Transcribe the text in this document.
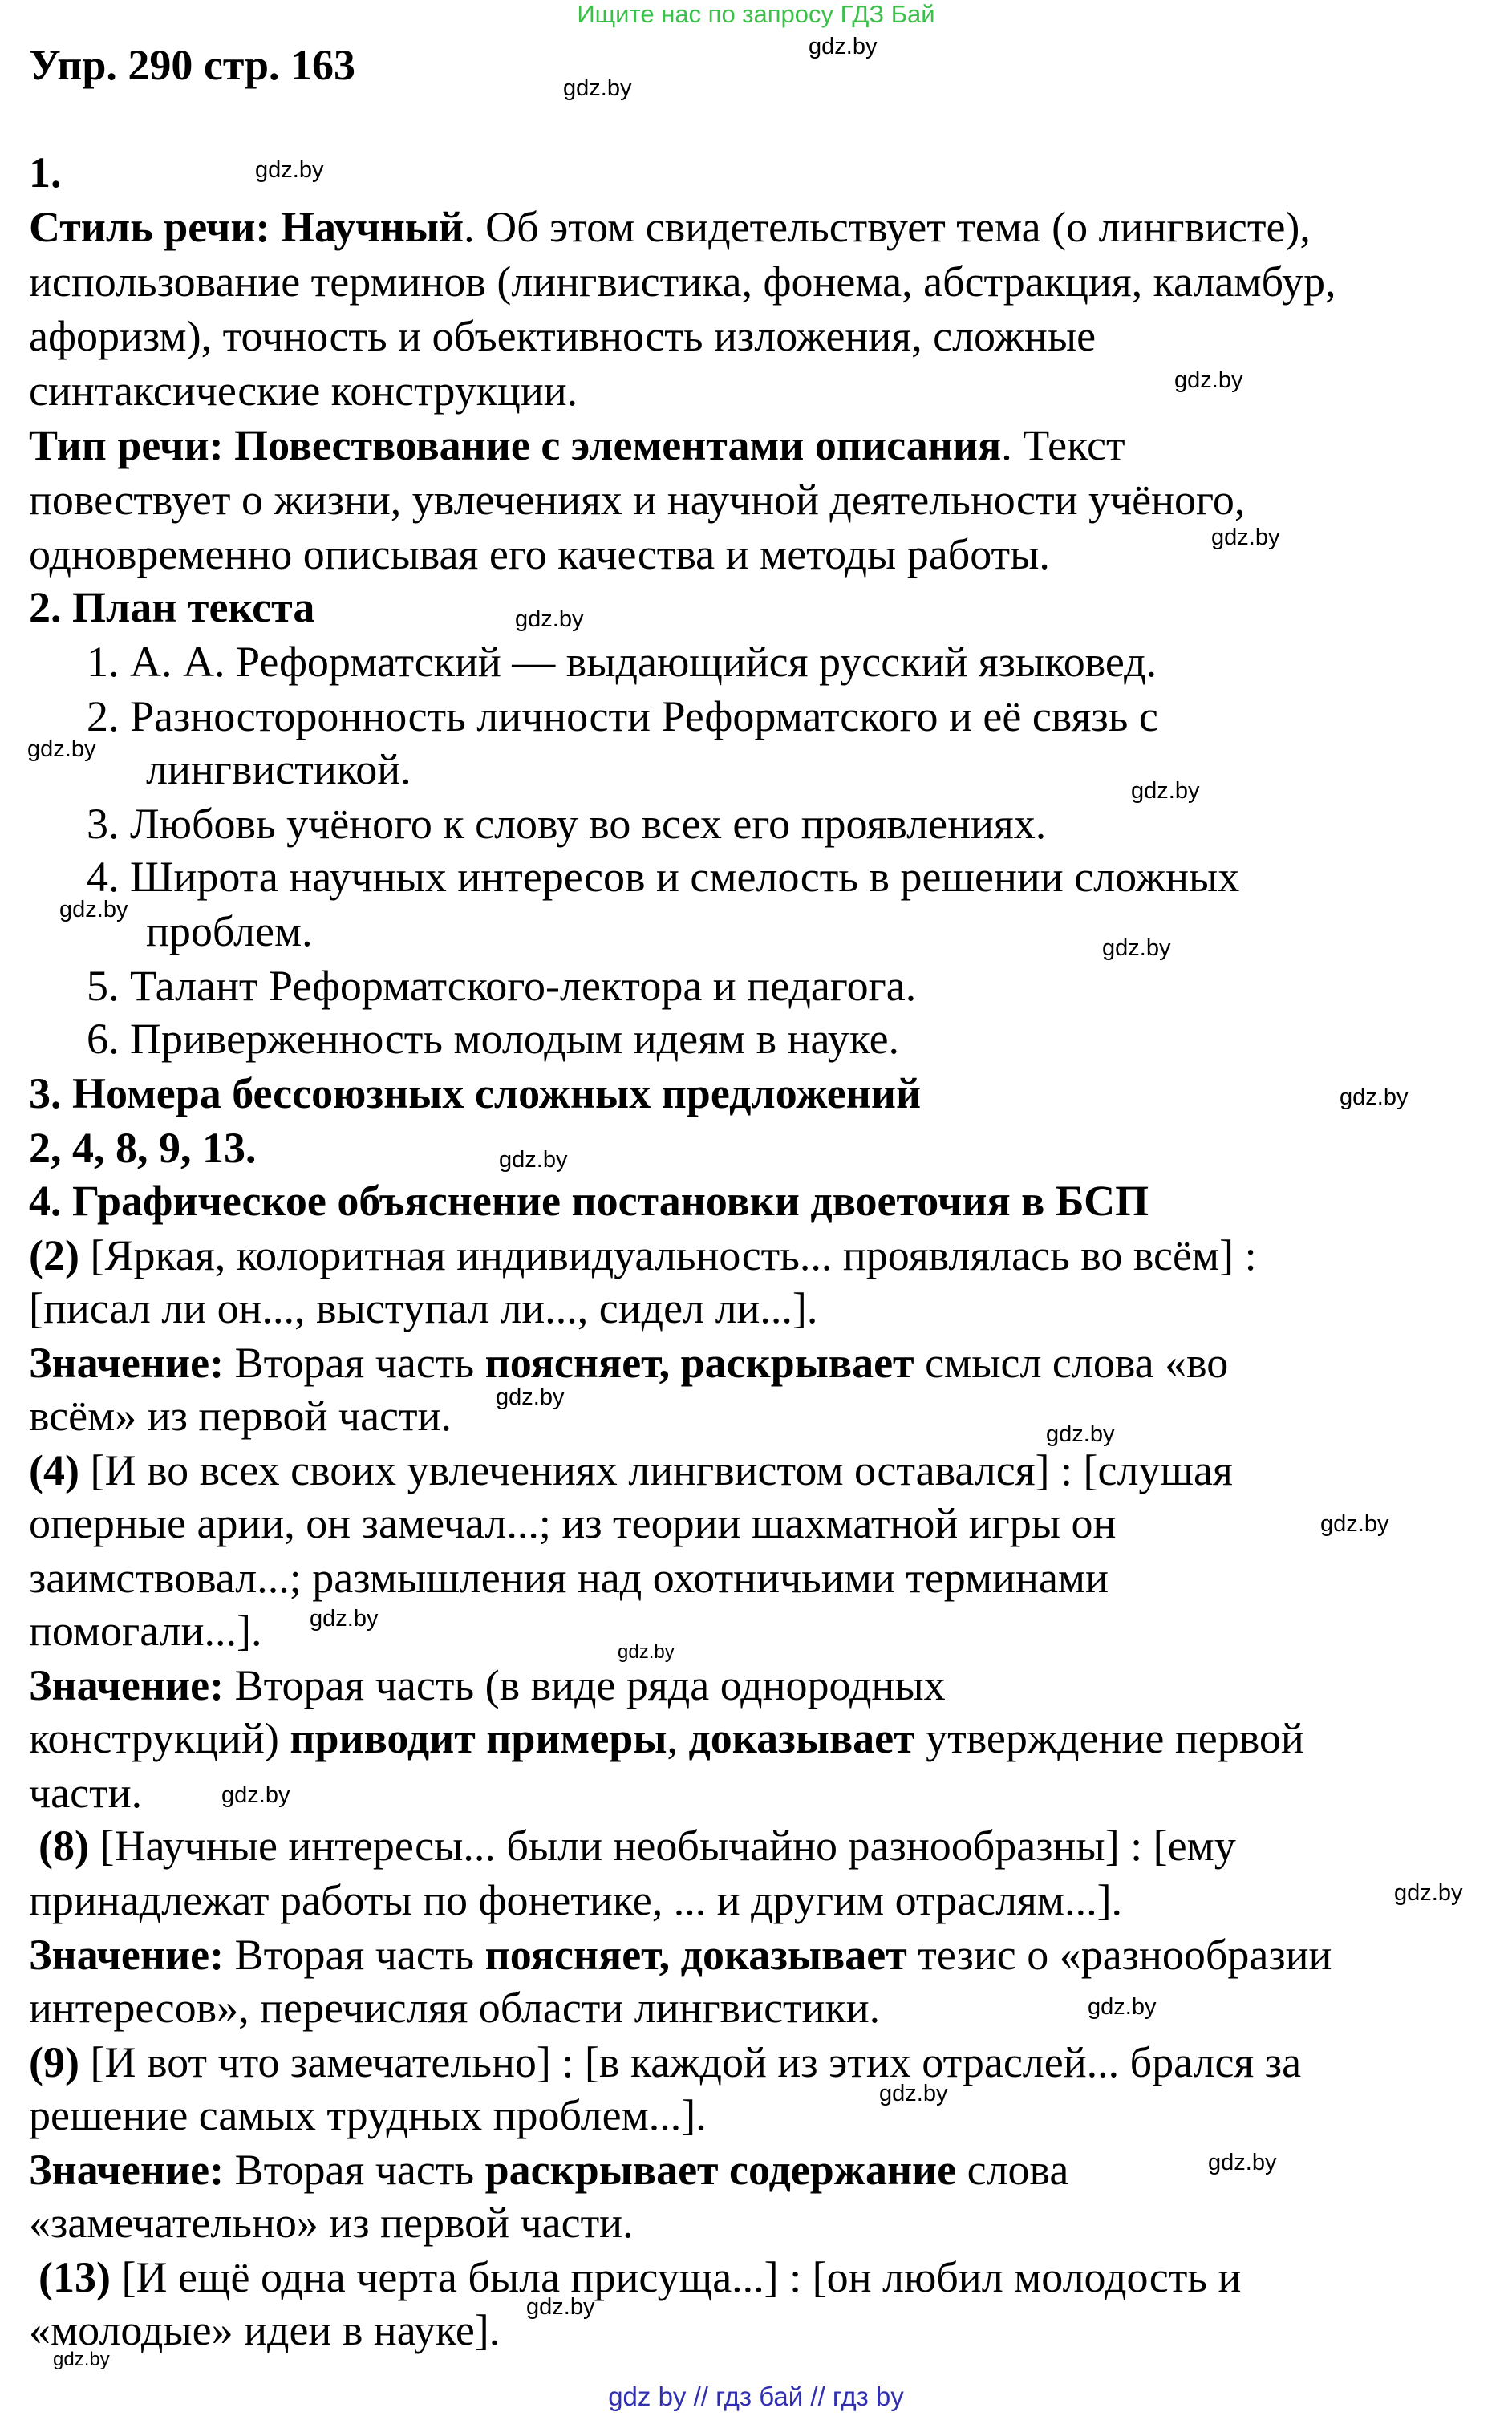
Ищите нас по запросу ГДЗ Бай
Упр. 290 стр. 163
1.
Стиль речи: Научный. Об этом свидетельствует тема (о лингвисте),
использование терминов (лингвистика, фонема, абстракция, каламбур,
афоризм), точность и объективность изложения, сложные
синтаксические конструкции.
Тип речи: Повествование с элементами описания. Текст
повествует о жизни, увлечениях и научной деятельности учёного,
одновременно описывая его качества и методы работы.
2. План текста
1. А. А. Реформатский — выдающийся русский языковед.
2. Разносторонность личности Реформатского и её связь с
лингвистикой.
3. Любовь учёного к слову во всех его проявлениях.
4. Широта научных интересов и смелость в решении сложных
проблем.
5. Талант Реформатского-лектора и педагога.
6. Приверженность молодым идеям в науке.
3. Номера бессоюзных сложных предложений
2, 4, 8, 9, 13.
4. Графическое объяснение постановки двоеточия в БСП
(2) [Яркая, колоритная индивидуальность... проявлялась во всём] :
[писал ли он..., выступал ли..., сидел ли...].
Значение: Вторая часть поясняет, раскрывает смысл слова «во
всём» из первой части.
(4) [И во всех своих увлечениях лингвистом оставался] : [слушая
оперные арии, он замечал...; из теории шахматной игры он
заимствовал...; размышления над охотничьими терминами
помогали...].
Значение: Вторая часть (в виде ряда однородных
конструкций) приводит примеры, доказывает утверждение первой
части.
(8) [Научные интересы... были необычайно разнообразны] : [ему
принадлежат работы по фонетике, ... и другим отраслям...].
Значение: Вторая часть поясняет, доказывает тезис о «разнообразии
интересов», перечисляя области лингвистики.
(9) [И вот что замечательно] : [в каждой из этих отраслей... брался за
решение самых трудных проблем...].
Значение: Вторая часть раскрывает содержание слова
«замечательно» из первой части.
(13) [И ещё одна черта была присуща...] : [он любил молодость и
«молодые» идеи в науке].
gdz.by
gdz.by
gdz.by
gdz.by
gdz.by
gdz.by
gdz.by
gdz.by
gdz.by
gdz.by
gdz.by
gdz.by
gdz.by
gdz.by
gdz.by
gdz.by
gdz.by
gdz.by
gdz.by
gdz.by
gdz.by
gdz.by
gdz.by
gdz.by
gdz by // гдз бай // гдз by
